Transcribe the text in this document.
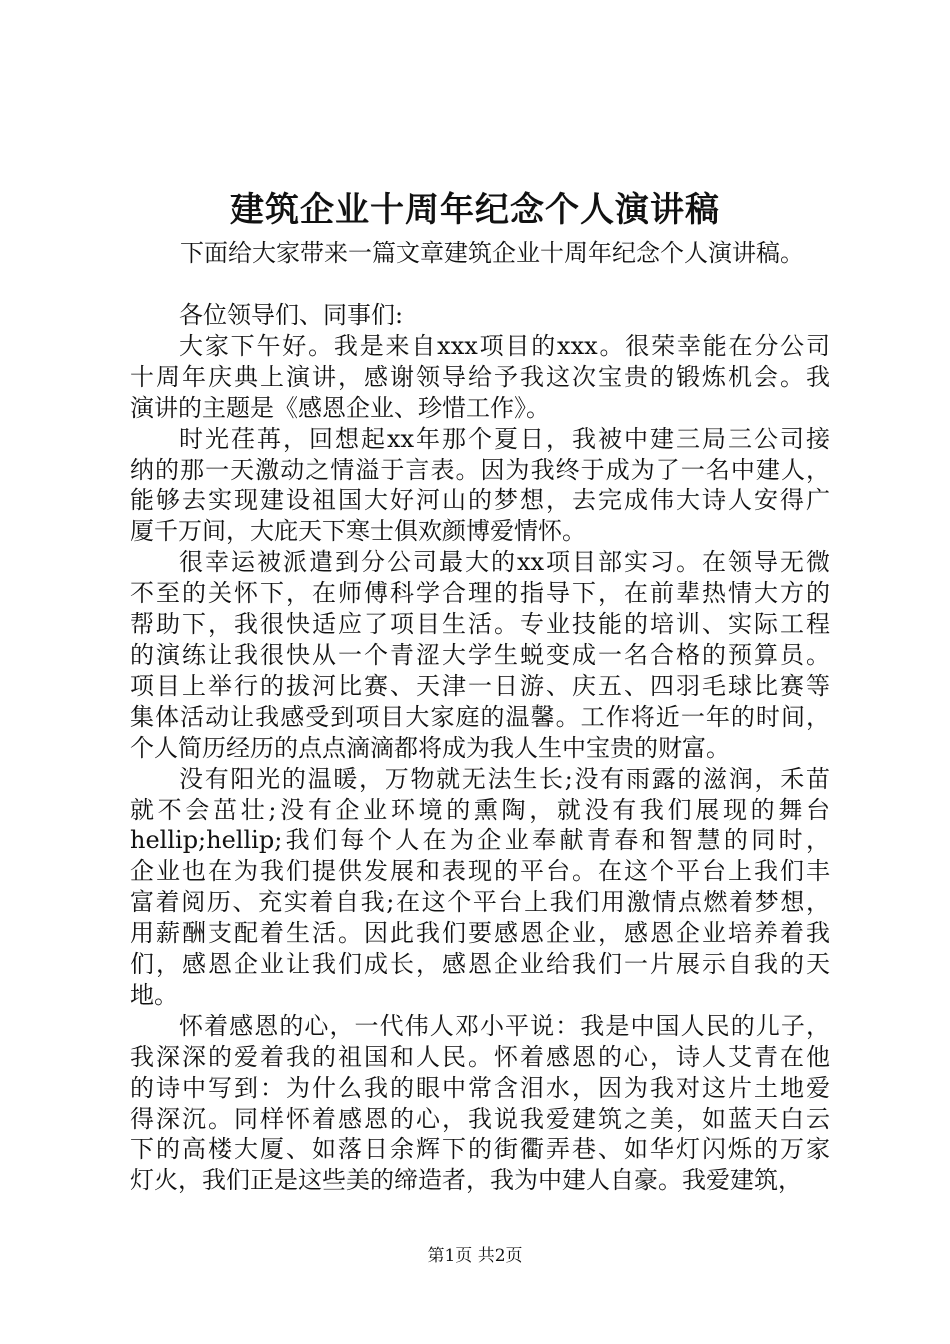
建筑企业十周年纪念个人演讲稿

下面给大家带来一篇文章建筑企业十周年纪念个人演讲稿。

各位领导们、同事们:

大家下午好。我是来自xxx项目的xxx。很荣幸能在分公司
十周年庆典上演讲，感谢领导给予我这次宝贵的锻炼机会。我
演讲的主题是《感恩企业、珍惜工作》。

时光荏苒，回想起xx年那个夏日，我被中建三局三公司接
纳的那一天激动之情溢于言表。因为我终于成为了一名中建人，
能够去实现建设祖国大好河山的梦想，去完成伟大诗人安得广
厦千万间，大庇天下寒士俱欢颜博爱情怀。

很幸运被派遣到分公司最大的xx项目部实习。在领导无微
不至的关怀下，在师傅科学合理的指导下，在前辈热情大方的
帮助下，我很快适应了项目生活。专业技能的培训、实际工程
的演练让我很快从一个青涩大学生蜕变成一名合格的预算员。
项目上举行的拔河比赛、天津一日游、庆五、四羽毛球比赛等
集体活动让我感受到项目大家庭的温馨。工作将近一年的时间，
个人简历经历的点点滴滴都将成为我人生中宝贵的财富。

没有阳光的温暖，万物就无法生长;没有雨露的滋润，禾苗
就不会茁壮;没有企业环境的熏陶，就没有我们展现的舞台
hellip;hellip;我们每个人在为企业奉献青春和智慧的同时，
企业也在为我们提供发展和表现的平台。在这个平台上我们丰
富着阅历、充实着自我;在这个平台上我们用激情点燃着梦想，
用薪酬支配着生活。因此我们要感恩企业，感恩企业培养着我
们，感恩企业让我们成长，感恩企业给我们一片展示自我的天
地。

怀着感恩的心，一代伟人邓小平说：我是中国人民的儿子，
我深深的爱着我的祖国和人民。怀着感恩的心，诗人艾青在他
的诗中写到：为什么我的眼中常含泪水，因为我对这片土地爱
得深沉。同样怀着感恩的心，我说我爱建筑之美，如蓝天白云
下的高楼大厦、如落日余辉下的街衢弄巷、如华灯闪烁的万家
灯火，我们正是这些美的缔造者，我为中建人自豪。我爱建筑，

第1页 共2页
